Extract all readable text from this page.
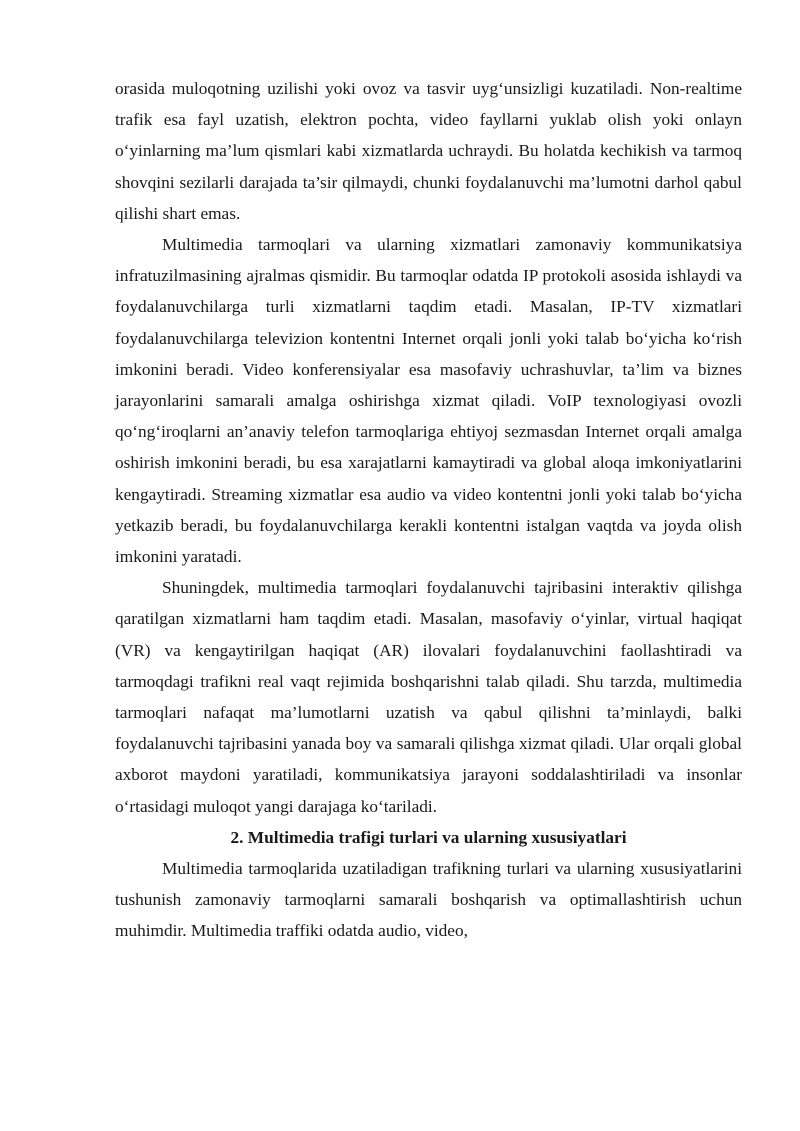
orasida muloqotning uzilishi yoki ovoz va tasvir uyg‘unsizligi kuzatiladi. Non-realtime trafik esa fayl uzatish, elektron pochta, video fayllarni yuklab olish yoki onlayn o‘yinlarning ma’lum qismlari kabi xizmatlarda uchraydi. Bu holatda kechikish va tarmoq shovqini sezilarli darajada ta’sir qilmaydi, chunki foydalanuvchi ma’lumotni darhol qabul qilishi shart emas.

Multimedia tarmoqlari va ularning xizmatlari zamonaviy kommunikatsiya infratuzilmasining ajralmas qismidir. Bu tarmoqlar odatda IP protokoli asosida ishlaydi va foydalanuvchilarga turli xizmatlarni taqdim etadi. Masalan, IP-TV xizmatlari foydalanuvchilarga televizion kontentni Internet orqali jonli yoki talab bo‘yicha ko‘rish imkonini beradi. Video konferensiyalar esa masofaviy uchrashuvlar, ta’lim va biznes jarayonlarini samarali amalga oshirishga xizmat qiladi. VoIP texnologiyasi ovozli qo‘ng‘iroqlarni an’anaviy telefon tarmoqlariga ehtiyoj sezmasdan Internet orqali amalga oshirish imkonini beradi, bu esa xarajatlarni kamaytiradi va global aloqa imkoniyatlarini kengaytiradi. Streaming xizmatlar esa audio va video kontentni jonli yoki talab bo‘yicha yetkazib beradi, bu foydalanuvchilarga kerakli kontentni istalgan vaqtda va joyda olish imkonini yaratadi.

Shuningdek, multimedia tarmoqlari foydalanuvchi tajribasini interaktiv qilishga qaratilgan xizmatlarni ham taqdim etadi. Masalan, masofaviy o‘yinlar, virtual haqiqat (VR) va kengaytirilgan haqiqat (AR) ilovalari foydalanuvchini faollashtiradi va tarmoqdagi trafikni real vaqt rejimida boshqarishni talab qiladi. Shu tarzda, multimedia tarmoqlari nafaqat ma’lumotlarni uzatish va qabul qilishni ta’minlaydi, balki foydalanuvchi tajribasini yanada boy va samarali qilishga xizmat qiladi. Ular orqali global axborot maydoni yaratiladi, kommunikatsiya jarayoni soddalashtiriladi va insonlar o‘rtasidagi muloqot yangi darajaga ko‘tariladi.

2. Multimedia trafigi turlari va ularning xususiyatlari

Multimedia tarmoqlarida uzatiladigan trafikning turlari va ularning xususiyatlarini tushunish zamonaviy tarmoqlarni samarali boshqarish va optimallashtirish uchun muhimdir. Multimedia traffiki odatda audio, video,
